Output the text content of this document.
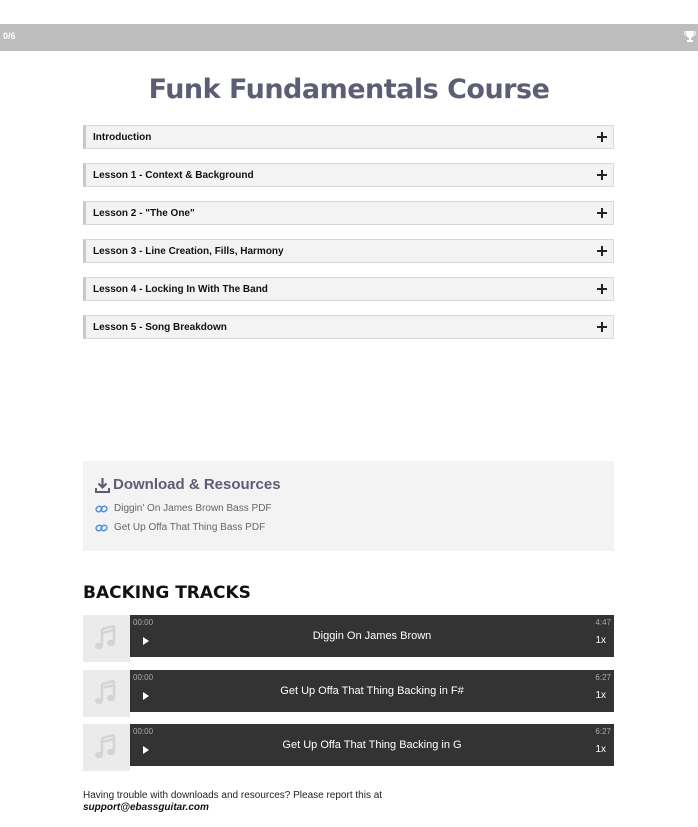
0/6
Funk Fundamentals Course
Introduction
Lesson 1 - Context & Background
Lesson 2 - "The One"
Lesson 3 - Line Creation, Fills, Harmony
Lesson 4 - Locking In With The Band
Lesson 5 - Song Breakdown
Download & Resources
Diggin' On James Brown Bass PDF
Get Up Offa That Thing Bass PDF
BACKING TRACKS
00:00	4:47
Diggin On James Brown	1x
00:00	6:27
Get Up Offa That Thing Backing in F#	1x
00:00	6:27
Get Up Offa That Thing Backing in G	1x
Having trouble with downloads and resources? Please report this at
support@ebassguitar.com
